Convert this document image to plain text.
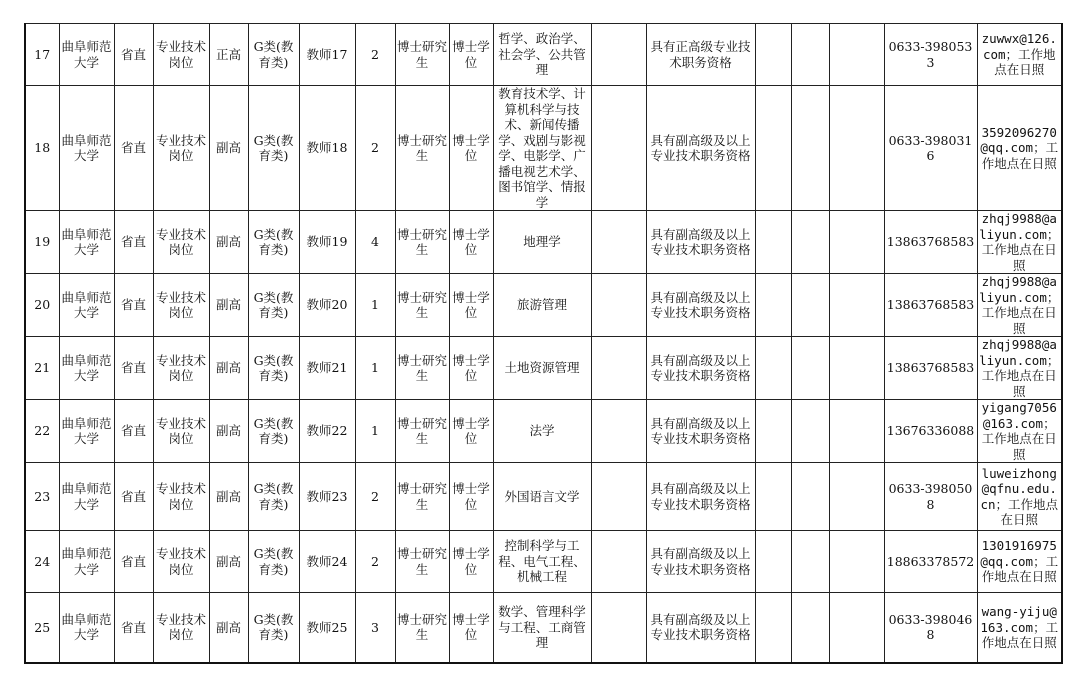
17	曲阜师范大学	省直	专业技术岗位	正高	G类(教育类)	教师17	2	博士研究生	博士学位	哲学、政治学、社会学、公共管理		具有正高级专业技术职务资格				0633-3980533	zuwwx@126.com；工作地点在日照
18	曲阜师范大学	省直	专业技术岗位	副高	G类(教育类)	教师18	2	博士研究生	博士学位	教育技术学、计算机科学与技术、新闻传播学、戏剧与影视学、电影学、广播电视艺术学、图书馆学、情报学		具有副高级及以上专业技术职务资格				0633-3980316	3592096270@qq.com；工作地点在日照
19	曲阜师范大学	省直	专业技术岗位	副高	G类(教育类)	教师19	4	博士研究生	博士学位	地理学		具有副高级及以上专业技术职务资格				13863768583	zhqj9988@aliyun.com；工作地点在日照
20	曲阜师范大学	省直	专业技术岗位	副高	G类(教育类)	教师20	1	博士研究生	博士学位	旅游管理		具有副高级及以上专业技术职务资格				13863768583	zhqj9988@aliyun.com；工作地点在日照
21	曲阜师范大学	省直	专业技术岗位	副高	G类(教育类)	教师21	1	博士研究生	博士学位	土地资源管理		具有副高级及以上专业技术职务资格				13863768583	zhqj9988@aliyun.com；工作地点在日照
22	曲阜师范大学	省直	专业技术岗位	副高	G类(教育类)	教师22	1	博士研究生	博士学位	法学		具有副高级及以上专业技术职务资格				13676336088	yigang7056@163.com；工作地点在日照
23	曲阜师范大学	省直	专业技术岗位	副高	G类(教育类)	教师23	2	博士研究生	博士学位	外国语言文学		具有副高级及以上专业技术职务资格				0633-3980508	luweizhong@qfnu.edu.cn；工作地点在日照
24	曲阜师范大学	省直	专业技术岗位	副高	G类(教育类)	教师24	2	博士研究生	博士学位	控制科学与工程、电气工程、机械工程		具有副高级及以上专业技术职务资格				18863378572	1301916975@qq.com；工作地点在日照
25	曲阜师范大学	省直	专业技术岗位	副高	G类(教育类)	教师25	3	博士研究生	博士学位	数学、管理科学与工程、工商管理		具有副高级及以上专业技术职务资格				0633-3980468	wang-yiju@163.com；工作地点在日照
